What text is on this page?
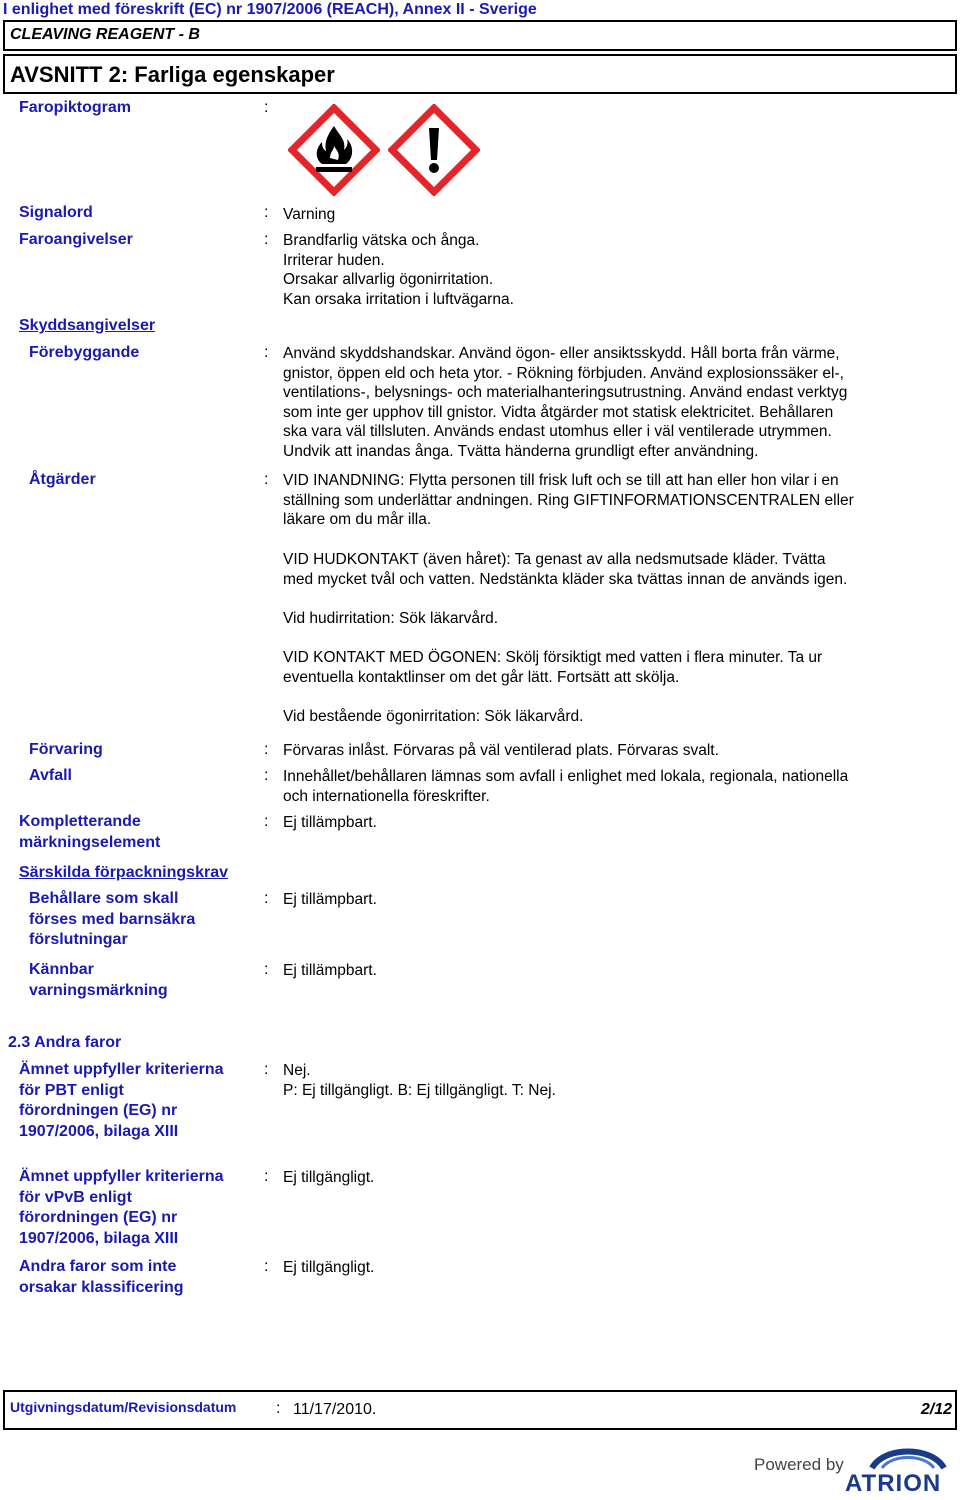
I enlighet med föreskrift (EC) nr 1907/2006 (REACH), Annex II - Sverige
CLEAVING REAGENT - B
AVSNITT 2: Farliga egenskaper
Faropiktogram	:
Signalord	: Varning
Faroangivelser	: Brandfarlig vätska och ånga.
Irriterar huden.
Orsakar allvarlig ögonirritation.
Kan orsaka irritation i luftvägarna.
Skyddsangivelser
Förebyggande	: Använd skyddshandskar. Använd ögon- eller ansiktsskydd. Håll borta från värme,
gnistor, öppen eld och heta ytor. - Rökning förbjuden. Använd explosionssäker el-,
ventilations-, belysnings- och materialhanteringsutrustning. Använd endast verktyg
som inte ger upphov till gnistor. Vidta åtgärder mot statisk elektricitet. Behållaren
ska vara väl tillsluten. Används endast utomhus eller i väl ventilerade utrymmen.
Undvik att inandas ånga. Tvätta händerna grundligt efter användning.
Åtgärder	: VID INANDNING: Flytta personen till frisk luft och se till att han eller hon vilar i en
ställning som underlättar andningen. Ring GIFTINFORMATIONSCENTRALEN eller
läkare om du mår illa.
VID HUDKONTAKT (även håret): Ta genast av alla nedsmutsade kläder. Tvätta
med mycket tvål och vatten. Nedstänkta kläder ska tvättas innan de används igen.
Vid hudirritation: Sök läkarvård.
VID KONTAKT MED ÖGONEN: Skölj försiktigt med vatten i flera minuter. Ta ur
eventuella kontaktlinser om det går lätt. Fortsätt att skölja.
Vid bestående ögonirritation: Sök läkarvård.
Förvaring	: Förvaras inlåst. Förvaras på väl ventilerad plats. Förvaras svalt.
Avfall	: Innehållet/behållaren lämnas som avfall i enlighet med lokala, regionala, nationella
och internationella föreskrifter.
Kompletterande
märkningselement
: Ej tillämpbart.
Särskilda förpackningskrav
Behållare som skall
förses med barnsäkra
förslutningar
: Ej tillämpbart.
Kännbar
varningsmärkning
: Ej tillämpbart.
2.3 Andra faror
Ämnet uppfyller kriterierna
för PBT enligt
förordningen (EG) nr
1907/2006, bilaga XIII
: Nej.
P: Ej tillgängligt. B: Ej tillgängligt. T: Nej.
Ämnet uppfyller kriterierna
för vPvB enligt
förordningen (EG) nr
1907/2006, bilaga XIII
: Ej tillgängligt.
Andra faror som inte
orsakar klassificering
: Ej tillgängligt.
Utgivningsdatum/Revisionsdatum : 11/17/2010.	2/12
Powered by
ATRION
